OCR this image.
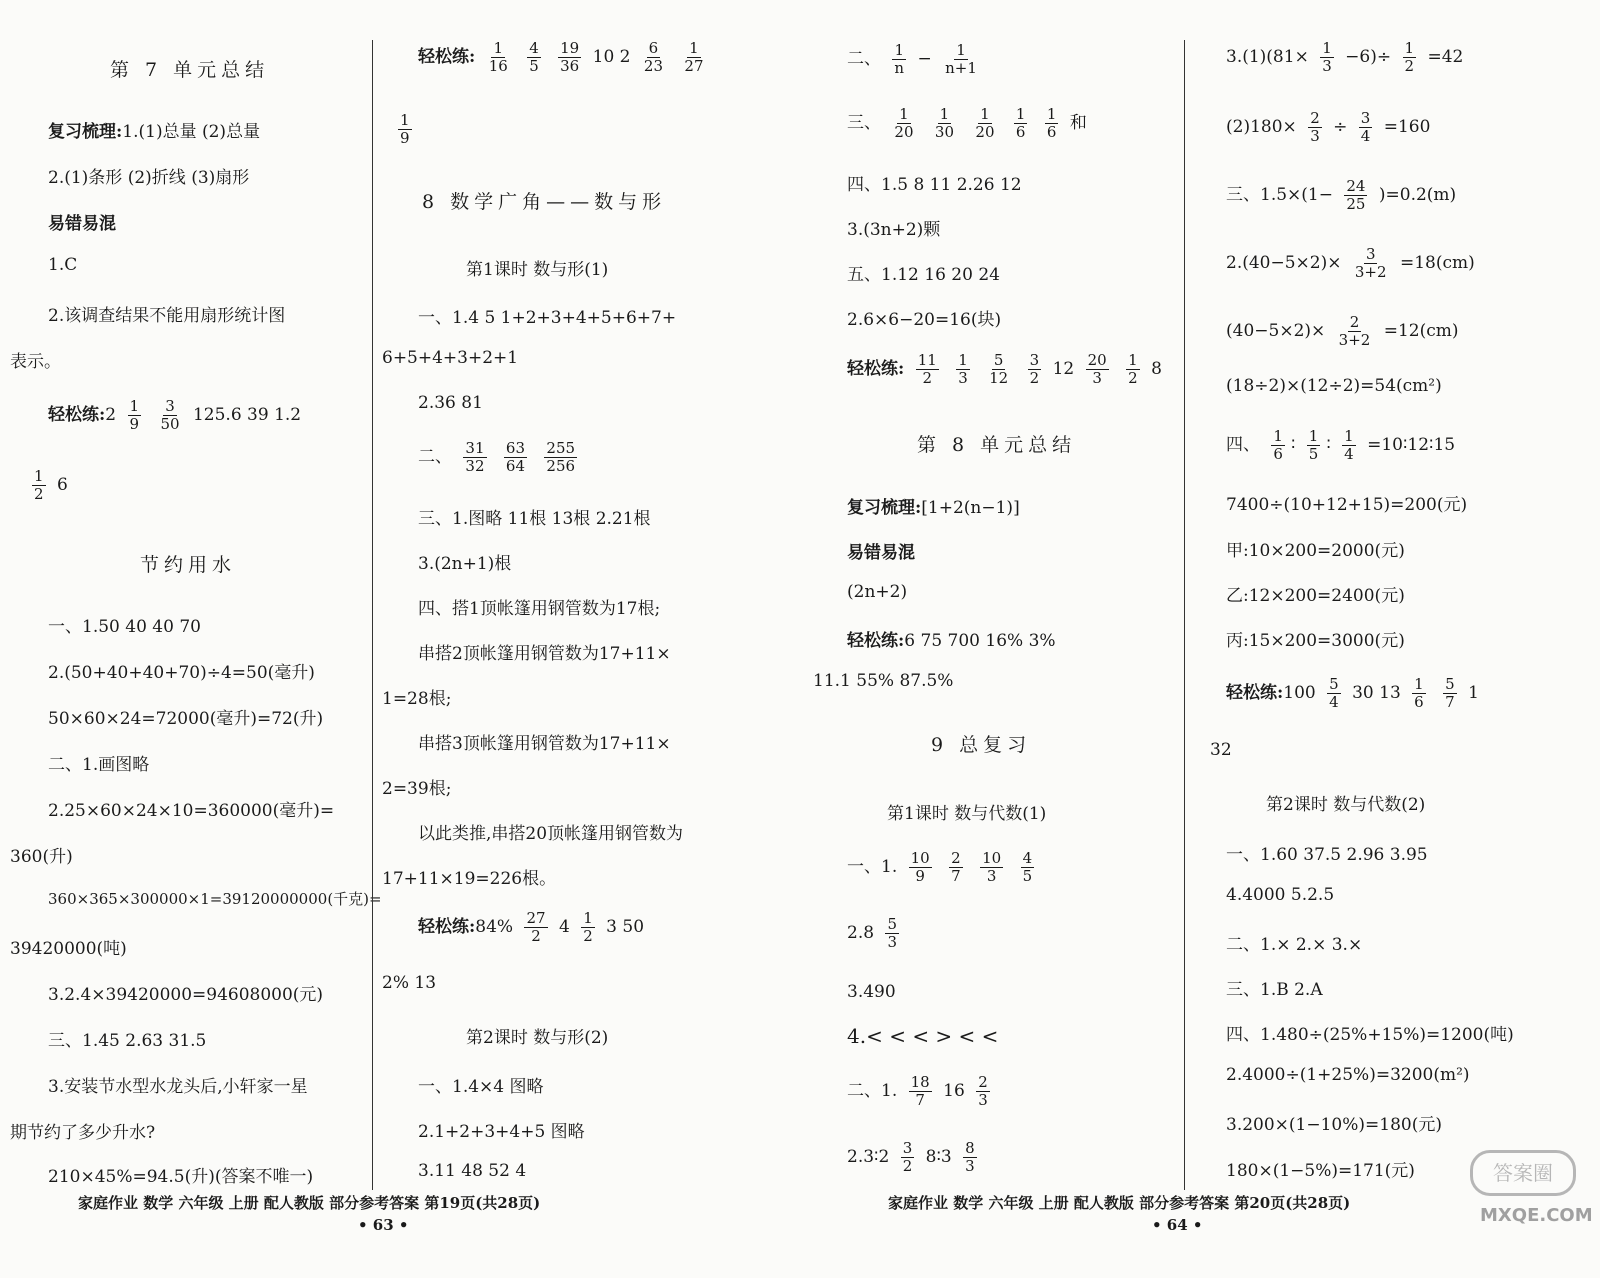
第 7 单元总结
复习梳理:1.(1)总量 (2)总量
2.(1)条形 (2)折线 (3)扇形
易错易混
1.C
2.该调查结果不能用扇形统计图
表示。
轻松练:2 $\frac{1}{9}$
$\frac{3}{50} 125.6$ 39 1.2
$\frac{1}{2} 6$
节约用水
一、1.50 40 40 70
2.(50+40+40+70)÷4=50(毫升)
50×60×24=72000(毫升)=72(升)
二、1.画图略
2.25×60×24×10=360000(毫升)=
360(升)
360×365×300000×1=39120000000(千克)=
39420000(吨)
3.2.4×39420000=94608000(元)
三、1.45 2.63 31.5
3.安装节水型水龙头后,小轩家一星
期节约了多少升水?
210×45%=94.5(升)(答案不唯一)
轻松练: $\frac{1}{16}$
$\frac{4}{5}$
$\frac{19}{36} 10$ $2 \frac{6}{23}$
$\frac{1}{27}$
$\frac{1}{9}$
8 数学广角——数与形
第1课时 数与形(1)
一、1.4 5 1+2+3+4+5+6+7+
6+5+4+3+2+1
2.36 81
二、 $\frac{31}{32}$
$\frac{63}{64}$
$\frac{255}{256}$
三、1.图略 11根 13根 2.21根
3.(2n+1)根
四、搭1顶帐篷用钢管数为17根;
串搭2顶帐篷用钢管数为17+11×
1=28根;
串搭3顶帐篷用钢管数为17+11×
2=39根;
以此类推,串搭20顶帐篷用钢管数为
17+11×19=226根。
轻松练:84% $\frac{27}{2} 4 \frac{1}{2} 3$ 50
2% 13
第2课时 数与形(2)
一、1.4×4 图略
2.1+2+3+4+5 图略
3.11 48 52 4
二、 $\frac{1}{n} - \frac{1}{n+1}$
三、 $\frac{1}{20}$
$\frac{1}{30}$
$\frac{1}{20}$
$\frac{1}{6}$
$\frac{1}{6}$ 和
四、1.5 8 11 2.26 12
3.(3n+2)颗
五、1.12 16 20 24
2.6×6−20=16(块)
轻松练: $\frac{11}{2}$
$\frac{1}{3}$
$\frac{5}{12}$
$\frac{3}{2} 12 \frac{20}{3}$
$\frac{1}{2} 8$
第 8 单元总结
复习梳理:[1+2(n−1)]
易错易混
(2n+2)
轻松练:6 75 700 16% 3%
11.1 55% 87.5%
9 总复习
第1课时 数与代数(1)
一、1. $\frac{10}{9}$
$\frac{2}{7}$
$\frac{10}{3}$
$\frac{4}{5}$
$2.8 \frac{5}{3}$
3.490
4.< < < > < <
二、1. $\frac{18}{7} 16 \frac{2}{3}$
2.3∶2 $\frac{3}{2}$ 8∶3 $\frac{8}{3}$
$3.(1)(81\times \frac{1}{3} -6)\div \frac{1}{2} =42$
$(2)180\times \frac{2}{3} \div \frac{3}{4} =160$
三、$1.5\times(1- \frac{24}{25} )=0.2(m)$
$2.(40-5\times 2)\times \frac{3}{3+2} =18(cm)$
$(40-5\times 2)\times \frac{2}{3+2} =12(cm)$
(18÷2)×(12÷2)=54(cm²)
四、 $\frac{1}{6}$ ∶ $\frac{1}{5}$ ∶ $\frac{1}{4}$ =10∶12∶15
7400÷(10+12+15)=200(元)
甲:10×200=2000(元)
乙:12×200=2400(元)
丙:15×200=3000(元)
轻松练:100 $\frac{5}{4} 30$ $13 \frac{1}{6}$
$\frac{5}{7} 1$
32
第2课时 数与代数(2)
一、1.60 37.5 2.96 3.95
4.4000 5.2.5
二、1.× 2.× 3.×
三、1.B 2.A
四、1.480÷(25%+15%)=1200(吨)
2.4000÷(1+25%)=3200(m²)
3.200×(1−10%)=180(元)
180×(1−5%)=171(元)
家庭作业 数学 六年级 上册 配人教版 部分参考答案 第19页(共28页)
• 63 •
家庭作业 数学 六年级 上册 配人教版 部分参考答案 第20页(共28页)
• 64 •
答案圈
MXQE.COM
